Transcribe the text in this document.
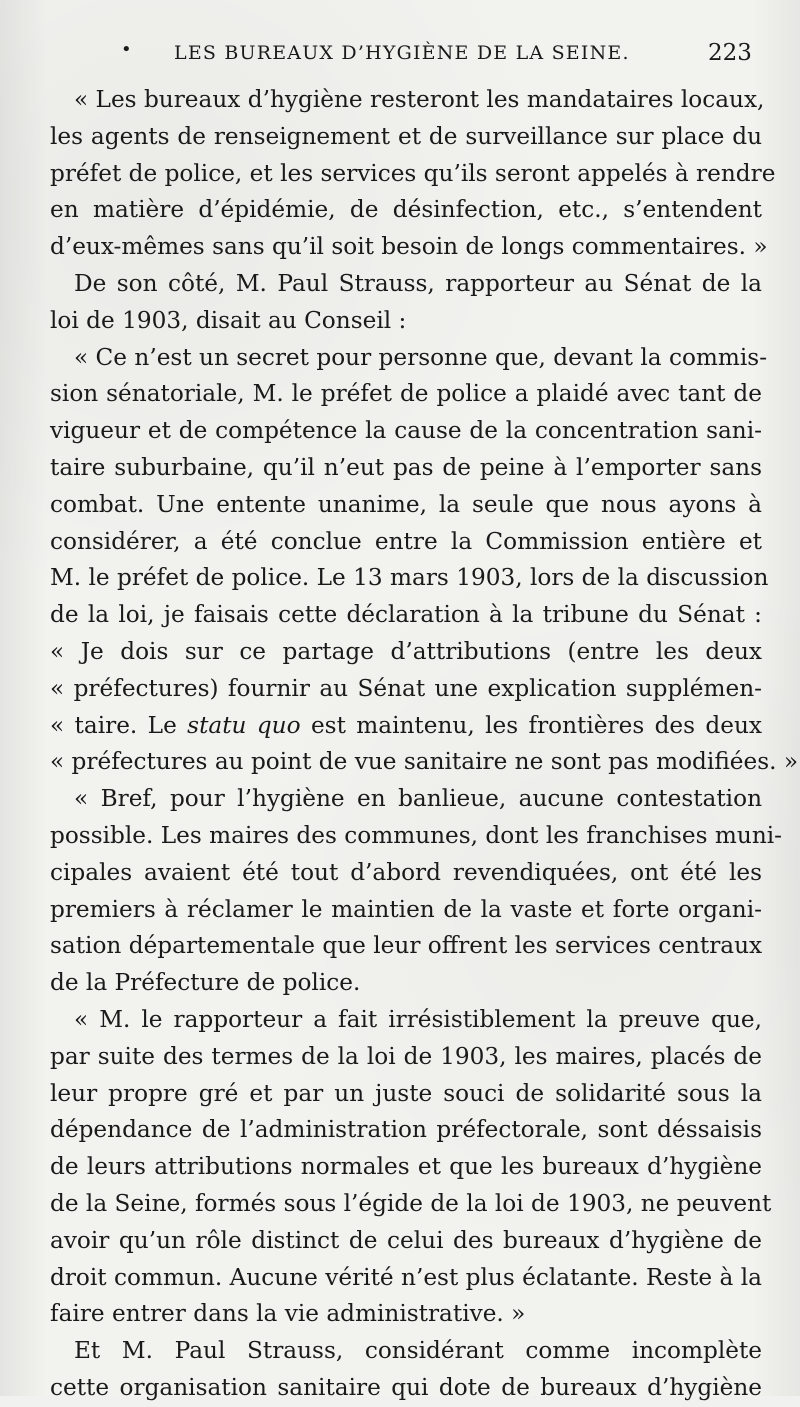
• LES BUREAUX D’HYGIÈNE DE LA SEINE.	223
« Les bureaux d’hygiène resteront les mandataires locaux,
les agents de renseignement et de surveillance sur place du
préfet de police, et les services qu’ils seront appelés à rendre
en matière d’épidémie, de désinfection, etc., s’entendent
d’eux-mêmes sans qu’il soit besoin de longs commentaires. »
De son côté, M. Paul Strauss, rapporteur au Sénat de la
loi de 1903, disait au Conseil :
« Ce n’est un secret pour personne que, devant la commis-
sion sénatoriale, M. le préfet de police a plaidé avec tant de
vigueur et de compétence la cause de la concentration sani-
taire suburbaine, qu’il n’eut pas de peine à l’emporter sans
combat. Une entente unanime, la seule que nous ayons à
considérer, a été conclue entre la Commission entière et
M. le préfet de police. Le 13 mars 1903, lors de la discussion
de la loi, je faisais cette déclaration à la tribune du Sénat :
« Je dois sur ce partage d’attributions (entre les deux
« préfectures) fournir au Sénat une explication supplémen-
« taire. Le statu quo est maintenu, les frontières des deux
« préfectures au point de vue sanitaire ne sont pas modifiées. »
« Bref, pour l’hygiène en banlieue, aucune contestation
possible. Les maires des communes, dont les franchises muni-
cipales avaient été tout d’abord revendiquées, ont été les
premiers à réclamer le maintien de la vaste et forte organi-
sation départementale que leur offrent les services centraux
de la Préfecture de police.
« M. le rapporteur a fait irrésistiblement la preuve que,
par suite des termes de la loi de 1903, les maires, placés de
leur propre gré et par un juste souci de solidarité sous la
dépendance de l’administration préfectorale, sont déssaisis
de leurs attributions normales et que les bureaux d’hygiène
de la Seine, formés sous l’égide de la loi de 1903, ne peuvent
avoir qu’un rôle distinct de celui des bureaux d’hygiène de
droit commun. Aucune vérité n’est plus éclatante. Reste à la
faire entrer dans la vie administrative. »
Et M. Paul Strauss, considérant comme incomplète
cette organisation sanitaire qui dote de bureaux d’hygiène
